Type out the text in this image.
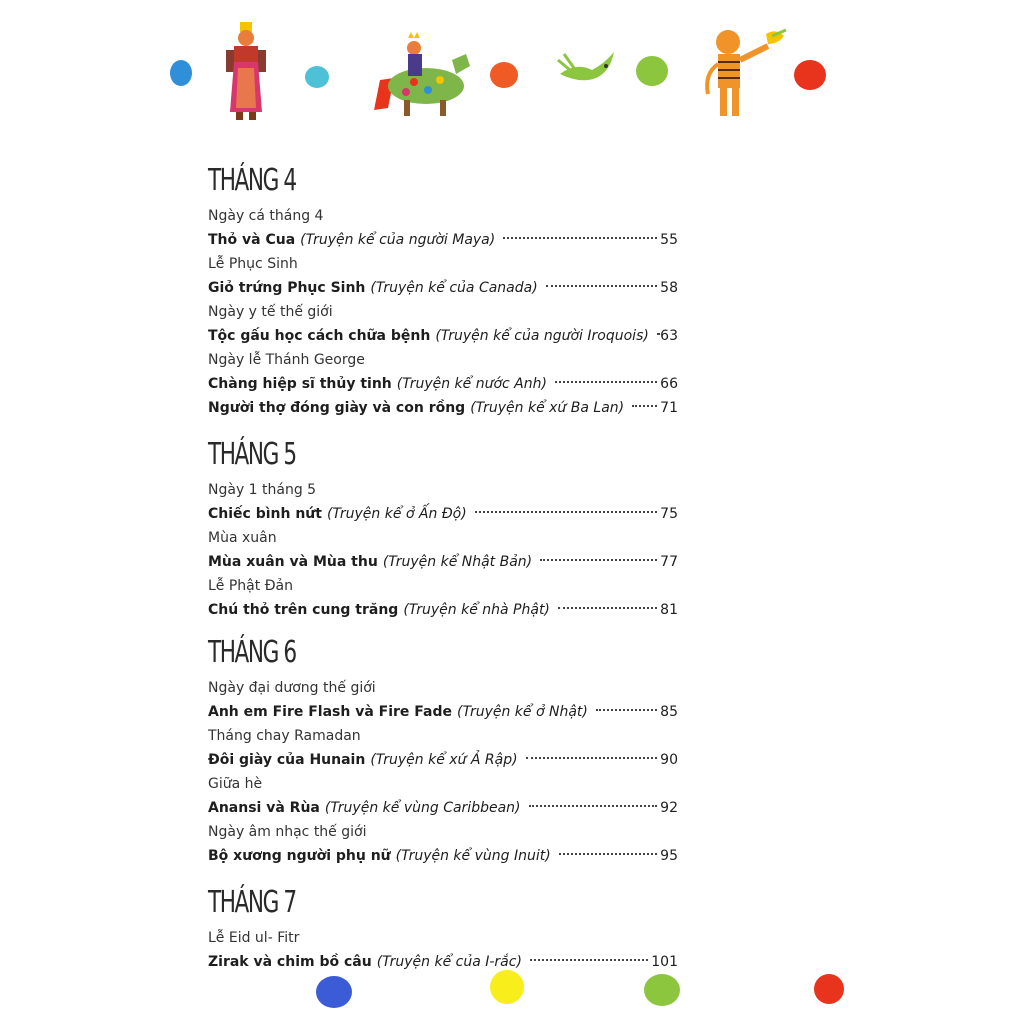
THÁNG 4
Ngày cá tháng 4
Thỏ và Cua (Truyện kể của người Maya)	55
Lễ Phục Sinh
Giỏ trứng Phục Sinh (Truyện kể của Canada)	58
Ngày y tế thế giới
Tộc gấu học cách chữa bệnh (Truyện kể của người Iroquois) 63
Ngày lễ Thánh George
Chàng hiệp sĩ thủy tinh (Truyện kể nước Anh)	66
Người thợ đóng giày và con rồng (Truyện kể xứ Ba Lan)	71
THÁNG 5
Ngày 1 tháng 5
Chiếc bình nứt (Truyện kể ở Ấn Độ)	75
Mùa xuân
Mùa xuân và Mùa thu (Truyện kể Nhật Bản)	77
Lễ Phật Đản
Chú thỏ trên cung trăng (Truyện kể nhà Phật)	81
THÁNG 6
Ngày đại dương thế giới
Anh em Fire Flash và Fire Fade (Truyện kể ở Nhật)	85
Tháng chay Ramadan
Đôi giày của Hunain (Truyện kể xứ Ả Rập)	90
Giữa hè
Anansi và Rùa (Truyện kể vùng Caribbean)	92
Ngày âm nhạc thế giới
Bộ xương người phụ nữ (Truyện kể vùng Inuit)	95
THÁNG 7
Lễ Eid ul- Fitr
Zirak và chim bồ câu (Truyện kể của I-rắc)	101
